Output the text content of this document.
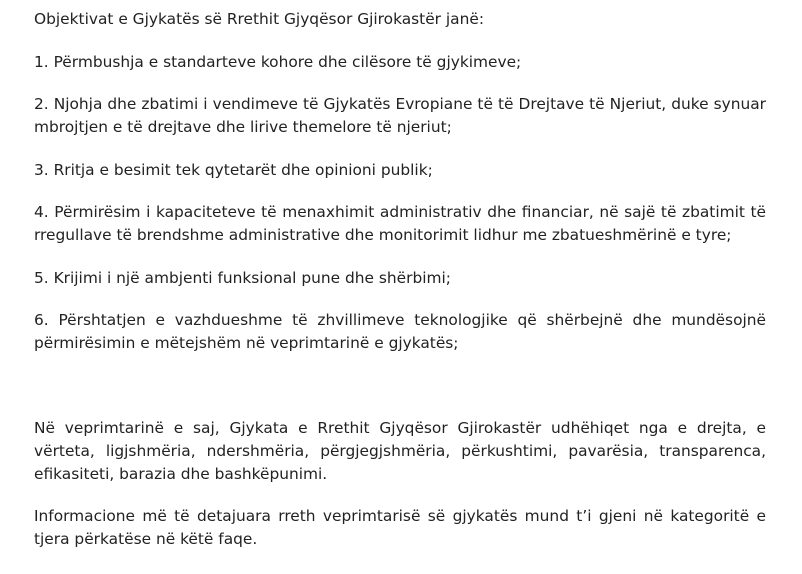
Objektivat e Gjykatës së Rrethit Gjyqësor Gjirokastër janë:

1. Përmbushja e standarteve kohore dhe cilësore të gjykimeve;

2. Njohja dhe zbatimi i vendimeve të Gjykatës Evropiane të të Drejtave të Njeriut, duke synuar mbrojtjen e të drejtave dhe lirive themelore të njeriut;

3. Rritja e besimit tek qytetarët dhe opinioni publik;

4. Përmirësim i kapaciteteve të menaxhimit administrativ dhe financiar, në sajë të zbatimit të rregullave të brendshme administrative dhe monitorimit lidhur me zbatueshmërinë e tyre;

5. Krijimi i një ambjenti funksional pune dhe shërbimi;

6. Përshtatjen e vazhdueshme të zhvillimeve teknologjike që shërbejnë dhe mundësojnë përmirësimin e mëtejshëm në veprimtarinë e gjykatës;

Në veprimtarinë e saj, Gjykata e Rrethit Gjyqësor Gjirokastër udhëhiqet nga e drejta, e vërteta, ligjshmëria, ndershmëria, përgjegjshmëria, përkushtimi, pavarësia, transparenca, efikasiteti, barazia dhe bashkëpunimi.

Informacione më të detajuara rreth veprimtarisë së gjykatës mund t’i gjeni në kategoritë e tjera përkatëse në këtë faqe.
